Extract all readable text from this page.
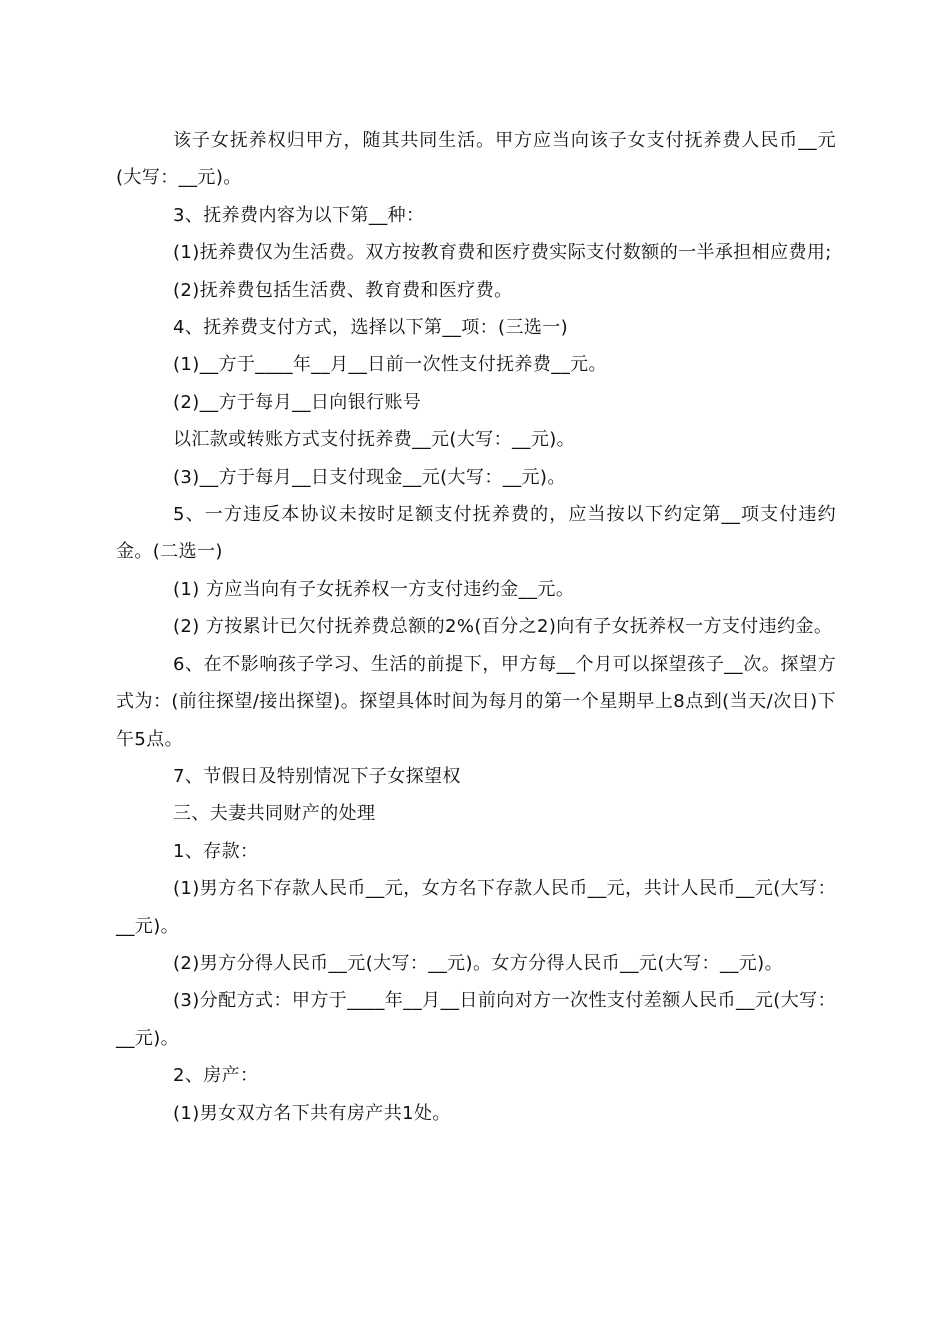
该子女抚养权归甲方，随其共同生活。甲方应当向该子女支付抚养费人民币__元(大写：__元)。

3、抚养费内容为以下第__种：

(1)抚养费仅为生活费。双方按教育费和医疗费实际支付数额的一半承担相应费用;

(2)抚养费包括生活费、教育费和医疗费。

4、抚养费支付方式，选择以下第__项：(三选一)

(1)__方于____年__月__日前一次性支付抚养费__元。

(2)__方于每月__日向银行账号

以汇款或转账方式支付抚养费__元(大写：__元)。

(3)__方于每月__日支付现金__元(大写：__元)。

5、一方违反本协议未按时足额支付抚养费的，应当按以下约定第__项支付违约金。(二选一)

(1) 方应当向有子女抚养权一方支付违约金__元。

(2) 方按累计已欠付抚养费总额的2%(百分之2)向有子女抚养权一方支付违约金。

6、在不影响孩子学习、生活的前提下，甲方每__个月可以探望孩子__次。探望方式为：(前往探望/接出探望)。探望具体时间为每月的第一个星期早上8点到(当天/次日)下午5点。

7、节假日及特别情况下子女探望权

三、夫妻共同财产的处理

1、存款：

(1)男方名下存款人民币__元，女方名下存款人民币__元，共计人民币__元(大写：__元)。

(2)男方分得人民币__元(大写：__元)。女方分得人民币__元(大写：__元)。

(3)分配方式：甲方于____年__月__日前向对方一次性支付差额人民币__元(大写：__元)。

2、房产：

(1)男女双方名下共有房产共1处。
